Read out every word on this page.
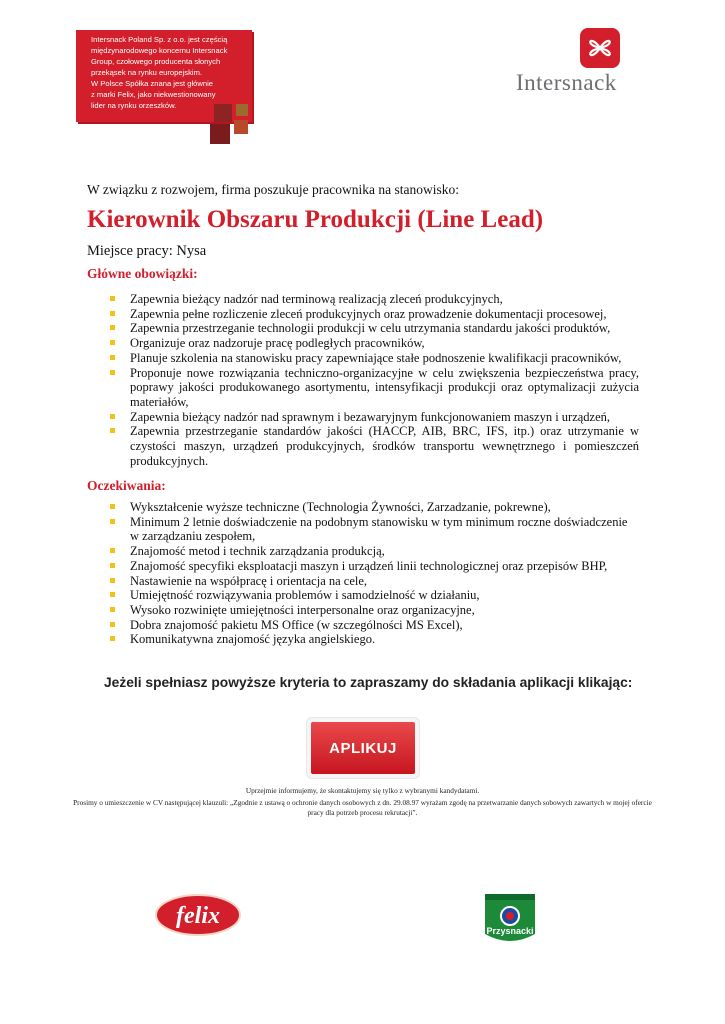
Intersnack Poland Sp. z o.o. jest częścią
międzynarodowego koncernu Intersnack
Group, czołowego producenta słonych
przekąsek na rynku europejskim.
W Polsce Spółka znana jest głównie
z marki Felix, jako niekwestionowany
lider na rynku orzeszków.
Intersnack
W związku z rozwojem, firma poszukuje pracownika na stanowisko:
Kierownik Obszaru Produkcji (Line Lead)
Miejsce pracy: Nysa
Główne obowiązki:
Zapewnia bieżący nadzór nad terminową realizacją zleceń produkcyjnych,
Zapewnia pełne rozliczenie zleceń produkcyjnych oraz prowadzenie dokumentacji procesowej,
Zapewnia przestrzeganie technologii produkcji w celu utrzymania standardu jakości produktów,
Organizuje oraz nadzoruje pracę podległych pracowników,
Planuje szkolenia na stanowisku pracy zapewniające stałe podnoszenie kwalifikacji pracowników,
Proponuje nowe rozwiązania techniczno-organizacyjne w celu zwiększenia bezpieczeństwa pracy, poprawy jakości produkowanego asortymentu, intensyfikacji produkcji oraz optymalizacji zużycia materiałów,
Zapewnia bieżący nadzór nad sprawnym i bezawaryjnym funkcjonowaniem maszyn i urządzeń,
Zapewnia przestrzeganie standardów jakości (HACCP, AIB, BRC, IFS, itp.) oraz utrzymanie w czystości maszyn, urządzeń produkcyjnych, środków transportu wewnętrznego i pomieszczeń produkcyjnych.
Oczekiwania:
Wykształcenie wyższe techniczne (Technologia Żywności, Zarzadzanie, pokrewne),
Minimum 2 letnie doświadczenie na podobnym stanowisku w tym minimum roczne doświadczenie w zarządzaniu zespołem,
Znajomość metod i technik zarządzania produkcją,
Znajomość specyfiki eksploatacji maszyn i urządzeń linii technologicznej oraz przepisów BHP,
Nastawienie na współpracę i orientacja na cele,
Umiejętność rozwiązywania problemów i samodzielność w działaniu,
Wysoko rozwinięte umiejętności interpersonalne oraz organizacyjne,
Dobra znajomość pakietu MS Office (w szczególności MS Excel),
Komunikatywna znajomość języka angielskiego.
Jeżeli spełniasz powyższe kryteria to zapraszamy do składania aplikacji klikając:
APLIKUJ
Uprzejmie informujemy, że skontaktujemy się tylko z wybranymi kandydatami.
Prosimy o umieszczenie w CV następującej klauzuli: „Zgodnie z ustawą o ochronie danych osobowych z dn. 29.08.97 wyrażam zgodę na przetwarzanie danych sobowych zawartych w mojej ofercie pracy dla potrzeb procesu rekrutacji”.
felix
Przysnacki
